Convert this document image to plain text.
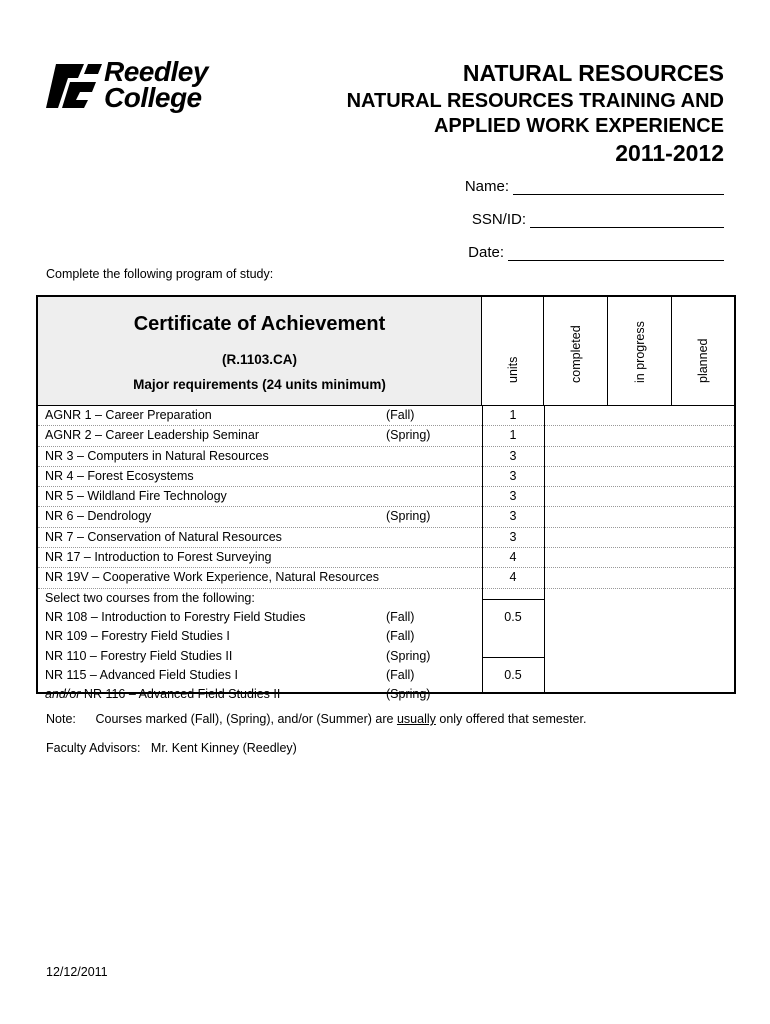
Reedley
College
NATURAL RESOURCES
NATURAL RESOURCES TRAINING AND
APPLIED WORK EXPERIENCE
2011-2012
Name:
SSN/ID:
Date:
Complete the following program of study:
Certificate of Achievement
(R.1103.CA)
Major requirements (24 units minimum)
units	completed	in progress	planned
AGNR 1 – Career Preparation	(Fall)	1
AGNR 2 – Career Leadership Seminar	(Spring)	1
NR 3 – Computers in Natural Resources	3
NR 4 – Forest Ecosystems	3
NR 5 – Wildland Fire Technology	3
NR 6 – Dendrology	(Spring)	3
NR 7 – Conservation of Natural Resources	3
NR 17 – Introduction to Forest Surveying	4
NR 19V – Cooperative Work Experience, Natural Resources	4
Select two courses from the following:
NR 108 – Introduction to Forestry Field Studies	(Fall)	0.5
NR 109 – Forestry Field Studies I	(Fall)
NR 110 – Forestry Field Studies II	(Spring)
NR 115 – Advanced Field Studies I	(Fall)	0.5
and/or NR 116 – Advanced Field Studies II	(Spring)
Note: Courses marked (Fall), (Spring), and/or (Summer) are usually only offered that semester.
Faculty Advisors: Mr. Kent Kinney (Reedley)
12/12/2011
